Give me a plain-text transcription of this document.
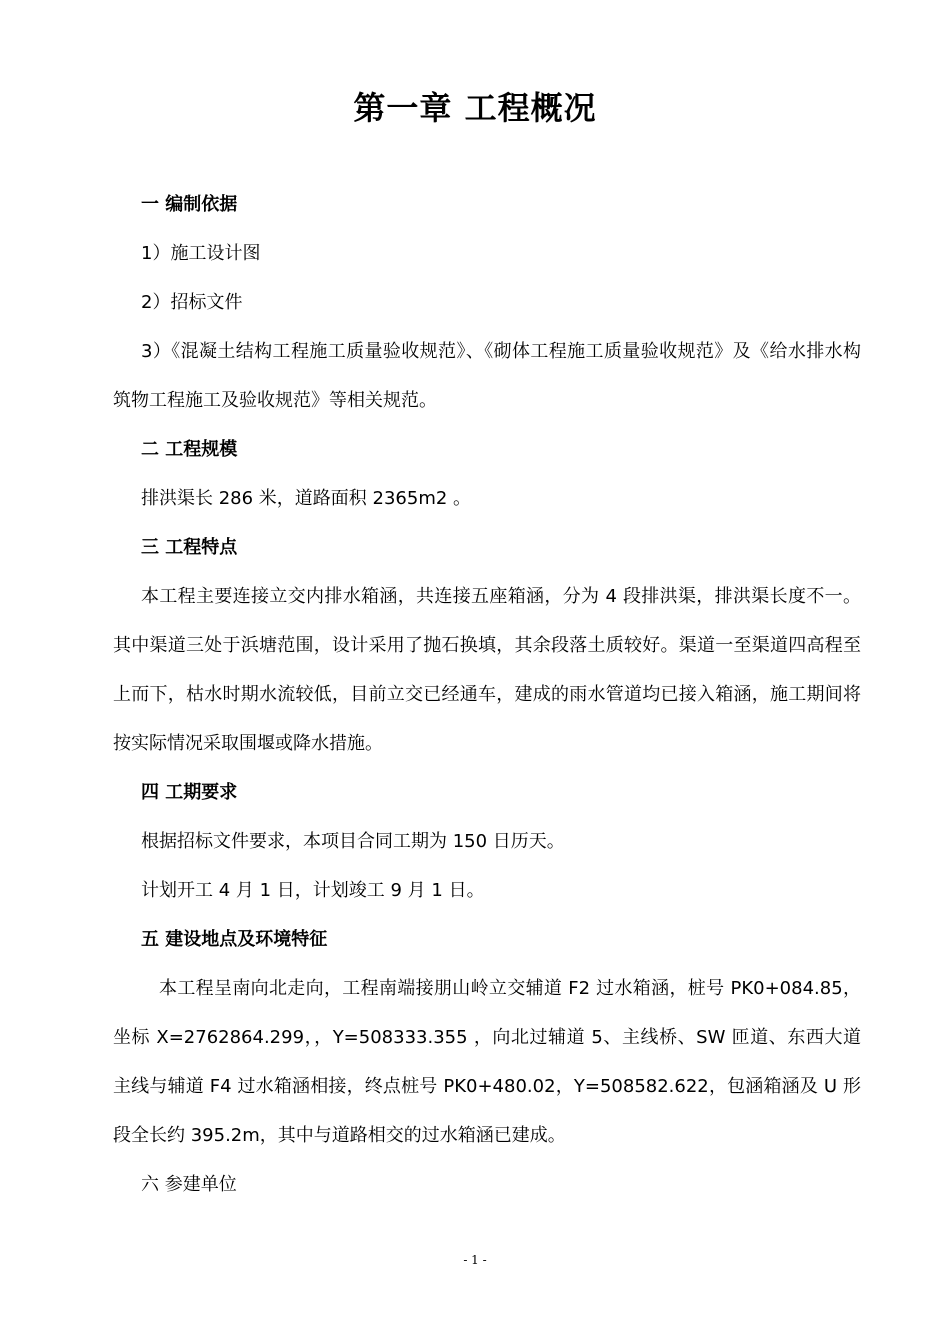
第一章 工程概况

一 编制依据

1）施工设计图

2）招标文件

3）《混凝土结构工程施工质量验收规范》、《砌体工程施工质量验收规范》及《给水排水构筑物工程施工及验收规范》等相关规范。

二 工程规模

排洪渠长 286 米，道路面积 2365m2 。

三 工程特点

本工程主要连接立交内排水箱涵，共连接五座箱涵，分为 4 段排洪渠，排洪渠长度不一。其中渠道三处于浜塘范围，设计采用了抛石换填，其余段落土质较好。渠道一至渠道四高程至上而下，枯水时期水流较低，目前立交已经通车，建成的雨水管道均已接入箱涵，施工期间将按实际情况采取围堰或降水措施。

四 工期要求

根据招标文件要求，本项目合同工期为 150 日历天。

计划开工 4 月 1 日，计划竣工 9 月 1 日。

五 建设地点及环境特征

本工程呈南向北走向，工程南端接朋山岭立交辅道 F2 过水箱涵，桩号 PK0+084.85，坐标 X=2762864.299，，Y=508333.355 ，向北过辅道 5、主线桥、SW 匝道、东西大道主线与辅道 F4 过水箱涵相接，终点桩号 PK0+480.02，Y=508582.622，包涵箱涵及 U 形段全长约 395.2m，其中与道路相交的过水箱涵已建成。

六 参建单位

- 1 -
